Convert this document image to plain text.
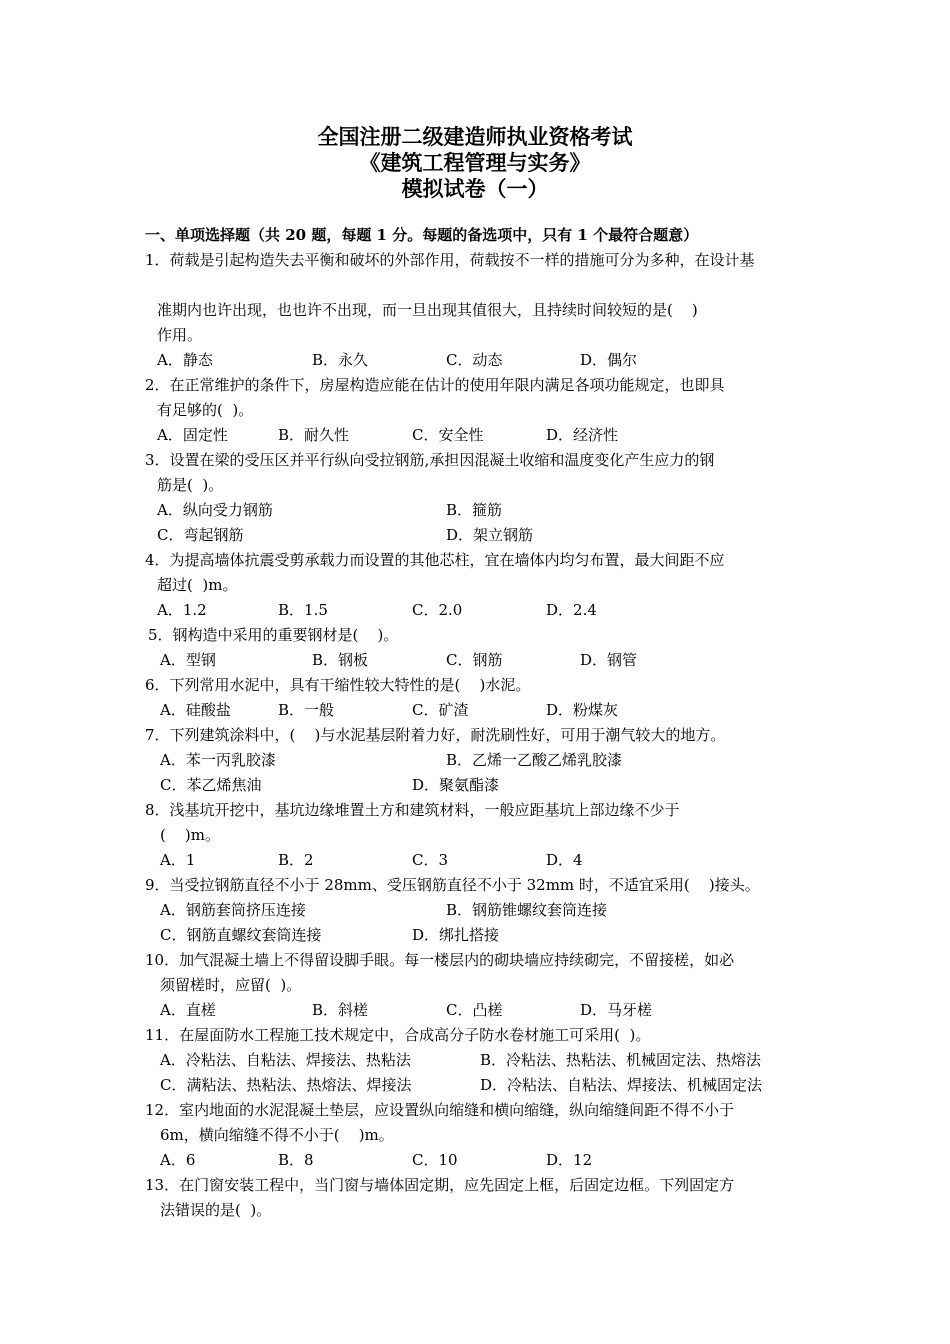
全国注册二级建造师执业资格考试
《建筑工程管理与实务》
模拟试卷（一）
一、单项选择题（共 20 题，每题 1 分。每题的备选项中，只有 1 个最符合题意）
1．荷载是引起构造失去平衡和破坏的外部作用，荷载按不一样的措施可分为多种，在设计基
准期内也许出现，也也许不出现，而一旦出现其值很大，且持续时间较短的是(    )
作用。
A．静态	B．永久	C．动态	D．偶尔
2．在正常维护的条件下，房屋构造应能在估计的使用年限内满足各项功能规定，也即具
有足够的(  )。
A．固定性	B．耐久性	C．安全性	D．经济性
3．设置在梁的受压区并平行纵向受拉钢筋,承担因混凝土收缩和温度变化产生应力的钢
筋是(  )。
A．纵向受力钢筋	B．箍筋
C．弯起钢筋	D．架立钢筋
4．为提高墙体抗震受剪承载力而设置的其他芯柱，宜在墙体内均匀布置，最大间距不应
超过(  )m。
A．1.2	B．1.5	C．2.0	D．2.4
5．钢构造中采用的重要钢材是(    )。
A．型钢	B．钢板	C．钢筋	D．钢管
6．下列常用水泥中，具有干缩性较大特性的是(    )水泥。
A．硅酸盐	B．一般	C．矿渣	D．粉煤灰
7．下列建筑涂料中，(    )与水泥基层附着力好，耐洗刷性好，可用于潮气较大的地方。
A．苯一丙乳胶漆	B．乙烯一乙酸乙烯乳胶漆
C．苯乙烯焦油	D．聚氨酯漆
8．浅基坑开挖中，基坑边缘堆置土方和建筑材料，一般应距基坑上部边缘不少于
(    )m。
A．1	B．2	C．3	D．4
9．当受拉钢筋直径不小于 28mm、受压钢筋直径不小于 32mm 时，不适宜采用(    )接头。
A．钢筋套筒挤压连接	B．钢筋锥螺纹套筒连接
C．钢筋直螺纹套筒连接	D．绑扎搭接
10．加气混凝土墙上不得留设脚手眼。每一楼层内的砌块墙应持续砌完，不留接槎，如必
须留槎时，应留(  )。
A．直槎	B．斜槎	C．凸槎	D．马牙槎
11．在屋面防水工程施工技术规定中，合成高分子防水卷材施工可采用(  )。
A．冷粘法、自粘法、焊接法、热粘法	B．冷粘法、热粘法、机械固定法、热熔法
C．满粘法、热粘法、热熔法、焊接法	D．冷粘法、自粘法、焊接法、机械固定法
12．室内地面的水泥混凝土垫层，应设置纵向缩缝和横向缩缝，纵向缩缝间距不得不小于
6m，横向缩缝不得不小于(    )m。
A．6	B．8	C．10	D．12
13．在门窗安装工程中，当门窗与墙体固定期，应先固定上框，后固定边框。下列固定方
法错误的是(  )。
